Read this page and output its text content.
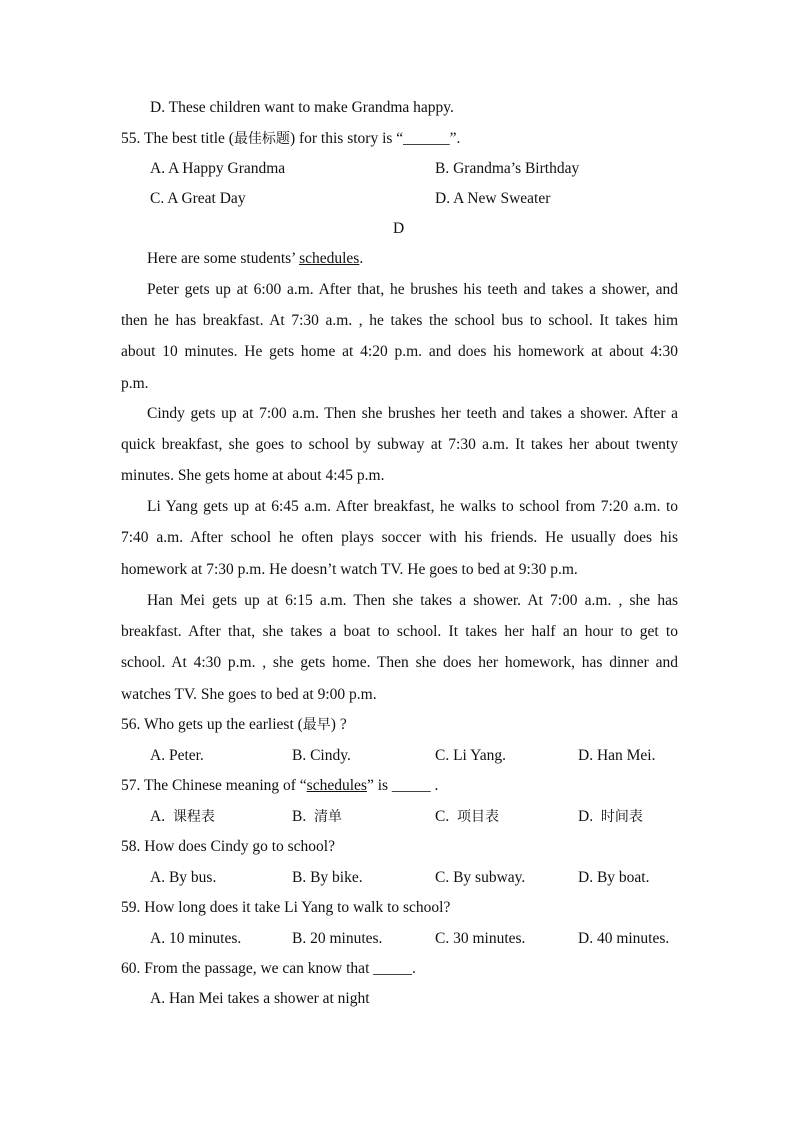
D. These children want to make Grandma happy.
55. The best title (最佳标题) for this story is “______”.
A. A Happy Grandma	B. Grandma’s Birthday
C. A Great Day	D. A New Sweater
D
Here are some students’ schedules.
Peter gets up at 6:00 a.m. After that, he brushes his teeth and takes a shower, and
then he has breakfast. At 7:30 a.m. , he takes the school bus to school. It takes him
about 10 minutes. He gets home at 4:20 p.m. and does his homework at about 4:30
p.m.
Cindy gets up at 7:00 a.m. Then she brushes her teeth and takes a shower. After a
quick breakfast, she goes to school by subway at 7:30 a.m. It takes her about twenty
minutes. She gets home at about 4:45 p.m.
Li Yang gets up at 6:45 a.m. After breakfast, he walks to school from 7:20 a.m. to
7:40 a.m. After school he often plays soccer with his friends. He usually does his
homework at 7:30 p.m. He doesn’t watch TV. He goes to bed at 9:30 p.m.
Han Mei gets up at 6:15 a.m. Then she takes a shower. At 7:00 a.m. , she has
breakfast. After that, she takes a boat to school. It takes her half an hour to get to
school. At 4:30 p.m. , she gets home. Then she does her homework, has dinner and
watches TV. She goes to bed at 9:00 p.m.
56. Who gets up the earliest (最早) ?
A. Peter.	B. Cindy.	C. Li Yang.	D. Han Mei.
57. The Chinese meaning of “schedules” is _____ .
A. 课程表	B. 清单	C. 项目表	D. 时间表
58. How does Cindy go to school?
A. By bus.	B. By bike.	C. By subway.	D. By boat.
59. How long does it take Li Yang to walk to school?
A. 10 minutes.	B. 20 minutes.	C. 30 minutes.	D. 40 minutes.
60. From the passage, we can know that _____.
A. Han Mei takes a shower at night
